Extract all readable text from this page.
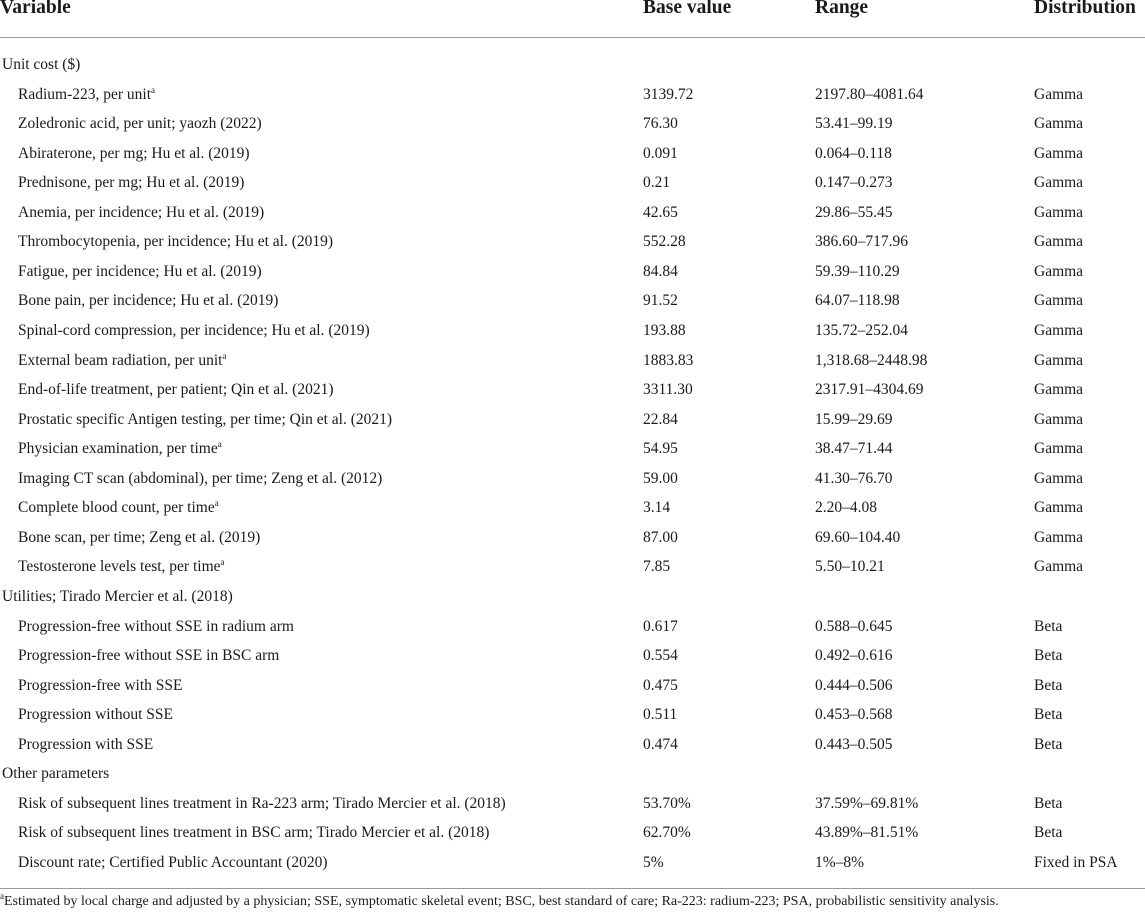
Variable	Base value	Range	Distribution
Unit cost ($)
Radium-223, per unit$^a$	3139.72	2197.80–4081.64	Gamma
Zoledronic acid, per unit; yaozh (2022)	76.30	53.41–99.19	Gamma
Abiraterone, per mg; Hu et al. (2019)	0.091	0.064–0.118	Gamma
Prednisone, per mg; Hu et al. (2019)	0.21	0.147–0.273	Gamma
Anemia, per incidence; Hu et al. (2019)	42.65	29.86–55.45	Gamma
Thrombocytopenia, per incidence; Hu et al. (2019)	552.28	386.60–717.96	Gamma
Fatigue, per incidence; Hu et al. (2019)	84.84	59.39–110.29	Gamma
Bone pain, per incidence; Hu et al. (2019)	91.52	64.07–118.98	Gamma
Spinal-cord compression, per incidence; Hu et al. (2019)	193.88	135.72–252.04	Gamma
External beam radiation, per unit$^a$	1883.83	1,318.68–2448.98	Gamma
End-of-life treatment, per patient; Qin et al. (2021)	3311.30	2317.91–4304.69	Gamma
Prostatic specific Antigen testing, per time; Qin et al. (2021)	22.84	15.99–29.69	Gamma
Physician examination, per time$^a$	54.95	38.47–71.44	Gamma
Imaging CT scan (abdominal), per time; Zeng et al. (2012)	59.00	41.30–76.70	Gamma
Complete blood count, per time$^a$	3.14	2.20–4.08	Gamma
Bone scan, per time; Zeng et al. (2019)	87.00	69.60–104.40	Gamma
Testosterone levels test, per time$^a$	7.85	5.50–10.21	Gamma
Utilities; Tirado Mercier et al. (2018)
Progression-free without SSE in radium arm	0.617	0.588–0.645	Beta
Progression-free without SSE in BSC arm	0.554	0.492–0.616	Beta
Progression-free with SSE	0.475	0.444–0.506	Beta
Progression without SSE	0.511	0.453–0.568	Beta
Progression with SSE	0.474	0.443–0.505	Beta
Other parameters
Risk of subsequent lines treatment in Ra-223 arm; Tirado Mercier et al. (2018)	53.70%	37.59%–69.81%	Beta
Risk of subsequent lines treatment in BSC arm; Tirado Mercier et al. (2018)	62.70%	43.89%–81.51%	Beta
Discount rate; Certified Public Accountant (2020)	5%	1%–8%	Fixed in PSA
$^a$Estimated by local charge and adjusted by a physician; SSE, symptomatic skeletal event; BSC, best standard of care; Ra-223: radium-223; PSA, probabilistic sensitivity analysis.
